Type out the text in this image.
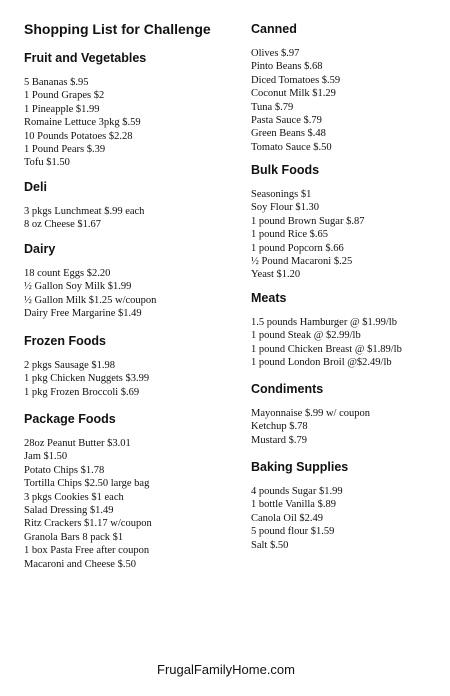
Shopping List for Challenge
Fruit and Vegetables
5 Bananas $.95
1 Pound Grapes $2
1 Pineapple $1.99
Romaine Lettuce 3pkg $.59
10 Pounds Potatoes $2.28
1 Pound Pears $.39
Tofu $1.50
Deli
3 pkgs Lunchmeat $.99 each
8 oz Cheese $1.67
Dairy
18 count Eggs $2.20
½ Gallon Soy Milk $1.99
½ Gallon Milk $1.25 w/coupon
Dairy Free Margarine $1.49
Frozen Foods
2 pkgs Sausage $1.98
1 pkg Chicken Nuggets $3.99
1 pkg Frozen Broccoli $.69
Package Foods
28oz Peanut Butter $3.01
Jam $1.50
Potato Chips $1.78
Tortilla Chips $2.50 large bag
3 pkgs Cookies $1 each
Salad Dressing $1.49
Ritz Crackers $1.17 w/coupon
Granola Bars 8 pack $1
1 box Pasta Free after coupon
Macaroni and Cheese $.50
Canned
Olives $.97
Pinto Beans $.68
Diced Tomatoes $.59
Coconut Milk $1.29
Tuna $.79
Pasta Sauce $.79
Green Beans $.48
Tomato Sauce $.50
Bulk Foods
Seasonings $1
Soy Flour $1.30
1 pound Brown Sugar $.87
1 pound Rice $.65
1 pound Popcorn $.66
½ Pound Macaroni $.25
Yeast $1.20
Meats
1.5 pounds Hamburger @ $1.99/lb
1 pound Steak @ $2.99/lb
1 pound Chicken Breast @ $1.89/lb
1 pound London Broil @$2.49/lb
Condiments
Mayonnaise $.99 w/ coupon
Ketchup $.78
Mustard $.79
Baking Supplies
4 pounds Sugar $1.99
1 bottle Vanilla $.89
Canola Oil $2.49
5 pound flour $1.59
Salt $.50
FrugalFamilyHome.com
